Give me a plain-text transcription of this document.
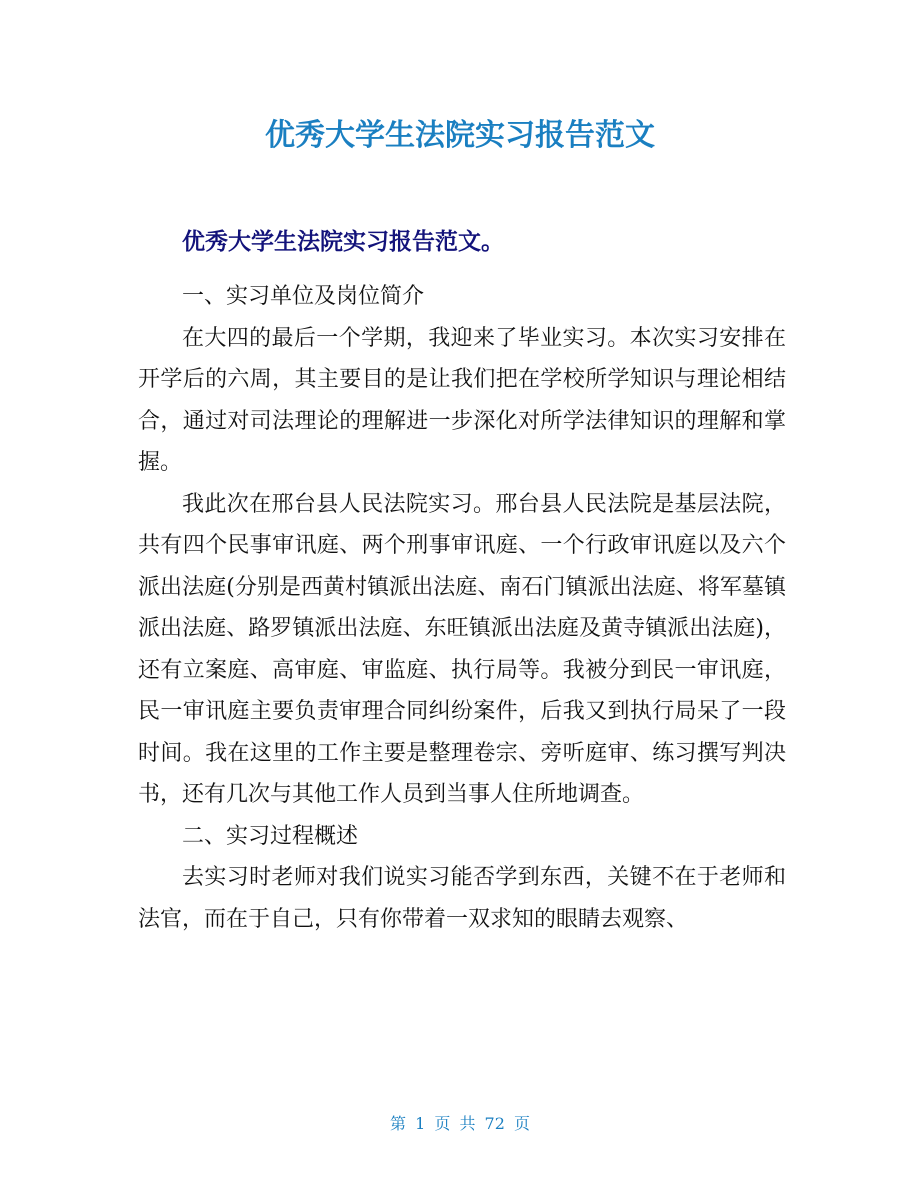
优秀大学生法院实习报告范文
优秀大学生法院实习报告范文。
一、实习单位及岗位简介

在大四的最后一个学期，我迎来了毕业实习。本次实习安排在开学后的六周，其主要目的是让我们把在学校所学知识与理论相结合，通过对司法理论的理解进一步深化对所学法律知识的理解和掌握。

我此次在邢台县人民法院实习。邢台县人民法院是基层法院，共有四个民事审讯庭、两个刑事审讯庭、一个行政审讯庭以及六个派出法庭(分别是西黄村镇派出法庭、南石门镇派出法庭、将军墓镇派出法庭、路罗镇派出法庭、东旺镇派出法庭及黄寺镇派出法庭)，还有立案庭、高审庭、审监庭、执行局等。我被分到民一审讯庭，民一审讯庭主要负责审理合同纠纷案件，后我又到执行局呆了一段时间。我在这里的工作主要是整理卷宗、旁听庭审、练习撰写判决书，还有几次与其他工作人员到当事人住所地调查。

二、实习过程概述

去实习时老师对我们说实习能否学到东西，关键不在于老师和法官，而在于自己，只有你带着一双求知的眼睛去观察、

第 1 页 共 72 页
